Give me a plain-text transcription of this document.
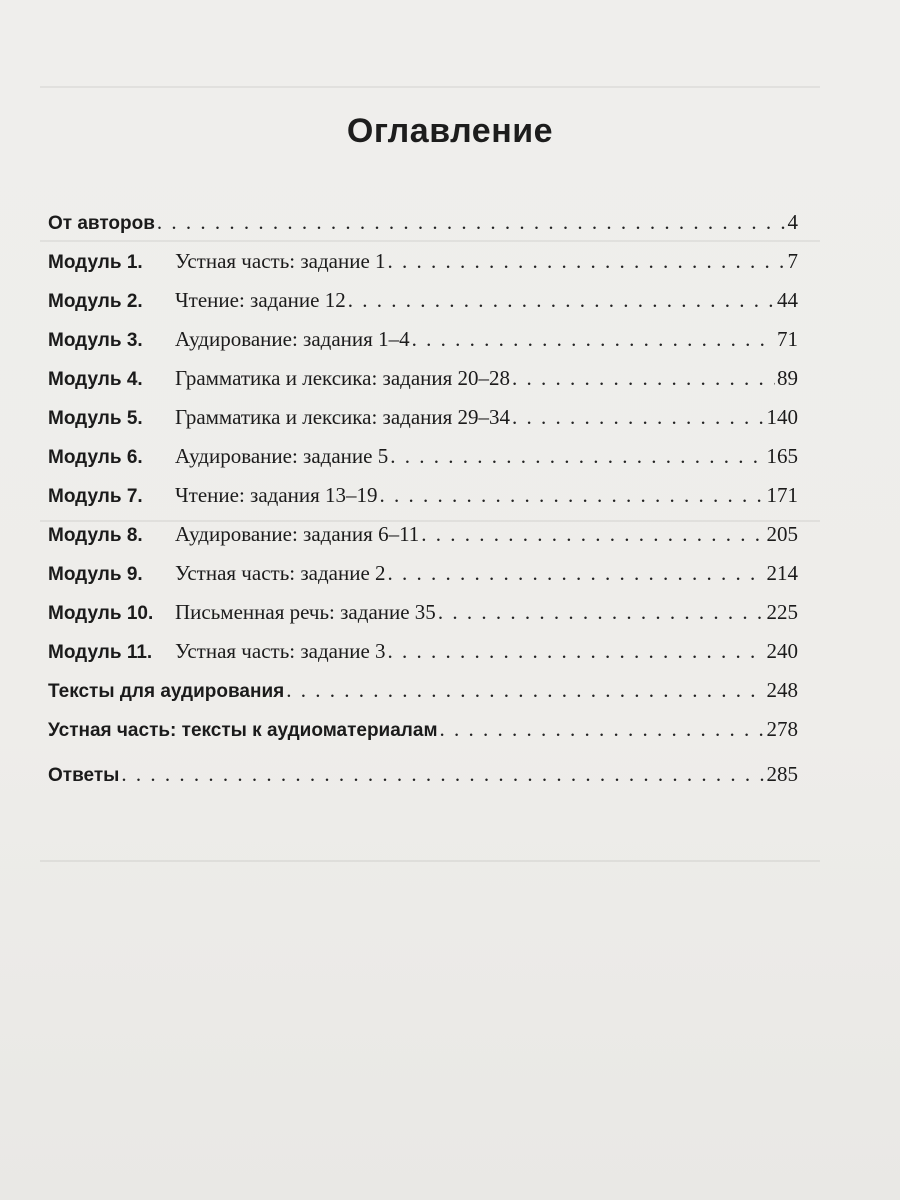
Оглавление
От авторов . . .	4
Модуль 1.	Устная часть: задание 1 . . .	7
Модуль 2.	Чтение: задание 12 . . .	44
Модуль 3.	Аудирование: задания 1–4 . . .	71
Модуль 4.	Грамматика и лексика: задания 20–28 . . .	89
Модуль 5.	Грамматика и лексика: задания 29–34 . . .	140
Модуль 6.	Аудирование: задание 5 . . .	165
Модуль 7.	Чтение: задания 13–19 . . .	171
Модуль 8.	Аудирование: задания 6–11 . . .	205
Модуль 9.	Устная часть: задание 2 . . .	214
Модуль 10.	Письменная речь: задание 35 . . .	225
Модуль 11.	Устная часть: задание 3 . . .	240
Тексты для аудирования . . .	248
Устная часть: тексты к аудиоматериалам . . .	278
Ответы . . .	285
